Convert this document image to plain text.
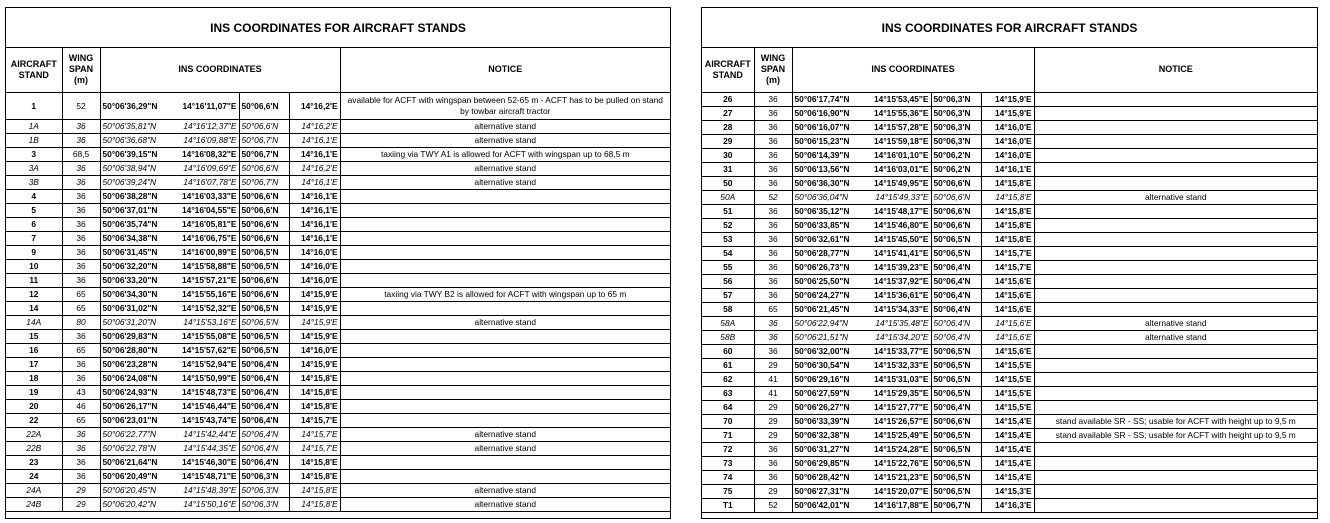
INS COORDINATES FOR AIRCRAFT STANDS
AIRCRAFT STAND	WING SPAN (m)	INS COORDINATES				NOTICE
1	52	50°06'36,29"N	14°16'11,07"E	50°06,6'N	14°16,2'E	available for ACFT with wingspan between 52-65 m - ACFT has to be pulled on stand by towbar aircraft tractor
1A	36	50°06'35,81"N	14°16'12,37"E	50°06,6'N	14°16,2'E	alternative stand
1B	36	50°06'36,68"N	14°16'09,88"E	50°06,7'N	14°16,1'E	alternative stand
3	68,5	50°06'39,15"N	14°16'08,32"E	50°06,7'N	14°16,1'E	taxiing via TWY A1 is allowed for ACFT with wingspan up to 68,5 m
3A	36	50°06'38,94"N	14°16'09,69"E	50°06,6'N	14°16,2'E	alternative stand
3B	36	50°06'39,24"N	14°16'07,78"E	50°06,7'N	14°16,1'E	alternative stand
4	36	50°06'38,28"N	14°16'03,33"E	50°06,6'N	14°16,1'E	
5	36	50°06'37,01"N	14°16'04,55"E	50°06,6'N	14°16,1'E	
6	36	50°06'35,74"N	14°16'05,81"E	50°06,6'N	14°16,1'E	
7	36	50°06'34,38"N	14°16'06,75"E	50°06,6'N	14°16,1'E	
9	36	50°06'31,45"N	14°16'00,89"E	50°06,5'N	14°16,0'E	
10	36	50°06'32,20"N	14°15'58,88"E	50°06,5'N	14°16,0'E	
11	36	50°06'33,20"N	14°15'57,21"E	50°06,6'N	14°16,0'E	
12	65	50°06'34,30"N	14°15'55,16"E	50°06,6'N	14°15,9'E	taxiing via TWY B2 is allowed for ACFT with wingspan up to 65 m
14	65	50°06'31,02"N	14°15'52,32"E	50°06,5'N	14°15,9'E	
14A	80	50°06'31,20"N	14°15'53,16"E	50°06,5'N	14°15,9'E	alternative stand
15	36	50°06'29,83"N	14°15'55,08"E	50°06,5'N	14°15,9'E	
16	65	50°06'28,80"N	14°15'57,62"E	50°06,5'N	14°16,0'E	
17	36	50°06'23,28"N	14°15'52,94"E	50°06,4'N	14°15,9'E	
18	36	50°06'24,08"N	14°15'50,99"E	50°06,4'N	14°15,8'E	
19	43	50°06'24,93"N	14°15'48,73"E	50°06,4'N	14°15,8'E	
20	46	50°06'26,17"N	14°15'46,44"E	50°06,4'N	14°15,8'E	
22	65	50°06'23,01"N	14°15'43,74"E	50°06,4'N	14°15,7'E	
22A	36	50°06'22,77"N	14°15'42,44"E	50°06,4'N	14°15,7'E	alternative stand
22B	36	50°06'22,78"N	14°15'44,35"E	50°06,4'N	14°15,7'E	alternative stand
23	36	50°06'21,64"N	14°15'46,30"E	50°06,4'N	14°15,8'E	
24	36	50°06'20,49"N	14°15'48,71"E	50°06,3'N	14°15,8'E	
24A	29	50°06'20,45"N	14°15'48,39"E	50°06,3'N	14°15,8'E	alternative stand
24B	29	50°06'20,42"N	14°15'50,16"E	50°06,3'N	14°15,8'E	alternative stand
INS COORDINATES FOR AIRCRAFT STANDS
AIRCRAFT STAND	WING SPAN (m)	INS COORDINATES				NOTICE
26	36	50°06'17,74"N	14°15'53,45"E	50°06,3'N	14°15,9'E	
27	36	50°06'16,90"N	14°15'55,36"E	50°06,3'N	14°15,9'E	
28	36	50°06'16,07"N	14°15'57,28"E	50°06,3'N	14°16,0'E	
29	36	50°06'15,23"N	14°15'59,18"E	50°06,3'N	14°16,0'E	
30	36	50°06'14,39"N	14°16'01,10"E	50°06,2'N	14°16,0'E	
31	36	50°06'13,56"N	14°16'03,01"E	50°06,2'N	14°16,1'E	
50	36	50°06'36,30"N	14°15'49,95"E	50°06,6'N	14°15,8'E	
50A	52	50°06'36,04"N	14°15'49,33"E	50°06,6'N	14°15,8'E	alternative stand
51	36	50°06'35,12"N	14°15'48,17"E	50°06,6'N	14°15,8'E	
52	36	50°06'33,85"N	14°15'46,80"E	50°06,6'N	14°15,8'E	
53	36	50°06'32,61"N	14°15'45,50"E	50°06,5'N	14°15,8'E	
54	36	50°06'28,77"N	14°15'41,41"E	50°06,5'N	14°15,7'E	
55	36	50°06'26,73"N	14°15'39,23"E	50°06,4'N	14°15,7'E	
56	36	50°06'25,50"N	14°15'37,92"E	50°06,4'N	14°15,6'E	
57	36	50°06'24,27"N	14°15'36,61"E	50°06,4'N	14°15,6'E	
58	65	50°06'21,45"N	14°15'34,33"E	50°06,4'N	14°15,6'E	
58A	36	50°06'22,94"N	14°15'35,48"E	50°06,4'N	14°15,6'E	alternative stand
58B	36	50°06'21,51"N	14°15'34,20"E	50°06,4'N	14°15,6'E	alternative stand
60	36	50°06'32,00"N	14°15'33,77"E	50°06,5'N	14°15,6'E	
61	29	50°06'30,54"N	14°15'32,33"E	50°06,5'N	14°15,5'E	
62	41	50°06'29,16"N	14°15'31,03"E	50°06,5'N	14°15,5'E	
63	41	50°06'27,59"N	14°15'29,35"E	50°06,5'N	14°15,5'E	
64	29	50°06'26,27"N	14°15'27,77"E	50°06,4'N	14°15,5'E	
70	29	50°06'33,39"N	14°15'26,57"E	50°06,6'N	14°15,4'E	stand available SR - SS; usable for ACFT with height up to 9,5 m
71	29	50°06'32,38"N	14°15'25,49"E	50°06,5'N	14°15,4'E	stand available SR - SS; usable for ACFT with height up to 9,5 m
72	36	50°06'31,27"N	14°15'24,28"E	50°06,5'N	14°15,4'E	
73	36	50°06'29,85"N	14°15'22,76"E	50°06,5'N	14°15,4'E	
74	36	50°06'28,42"N	14°15'21,23"E	50°06,5'N	14°15,4'E	
75	29	50°06'27,31"N	14°15'20,07"E	50°06,5'N	14°15,3'E	
T1	52	50°06'42,01"N	14°16'17,88"E	50°06,7'N	14°16,3'E	
